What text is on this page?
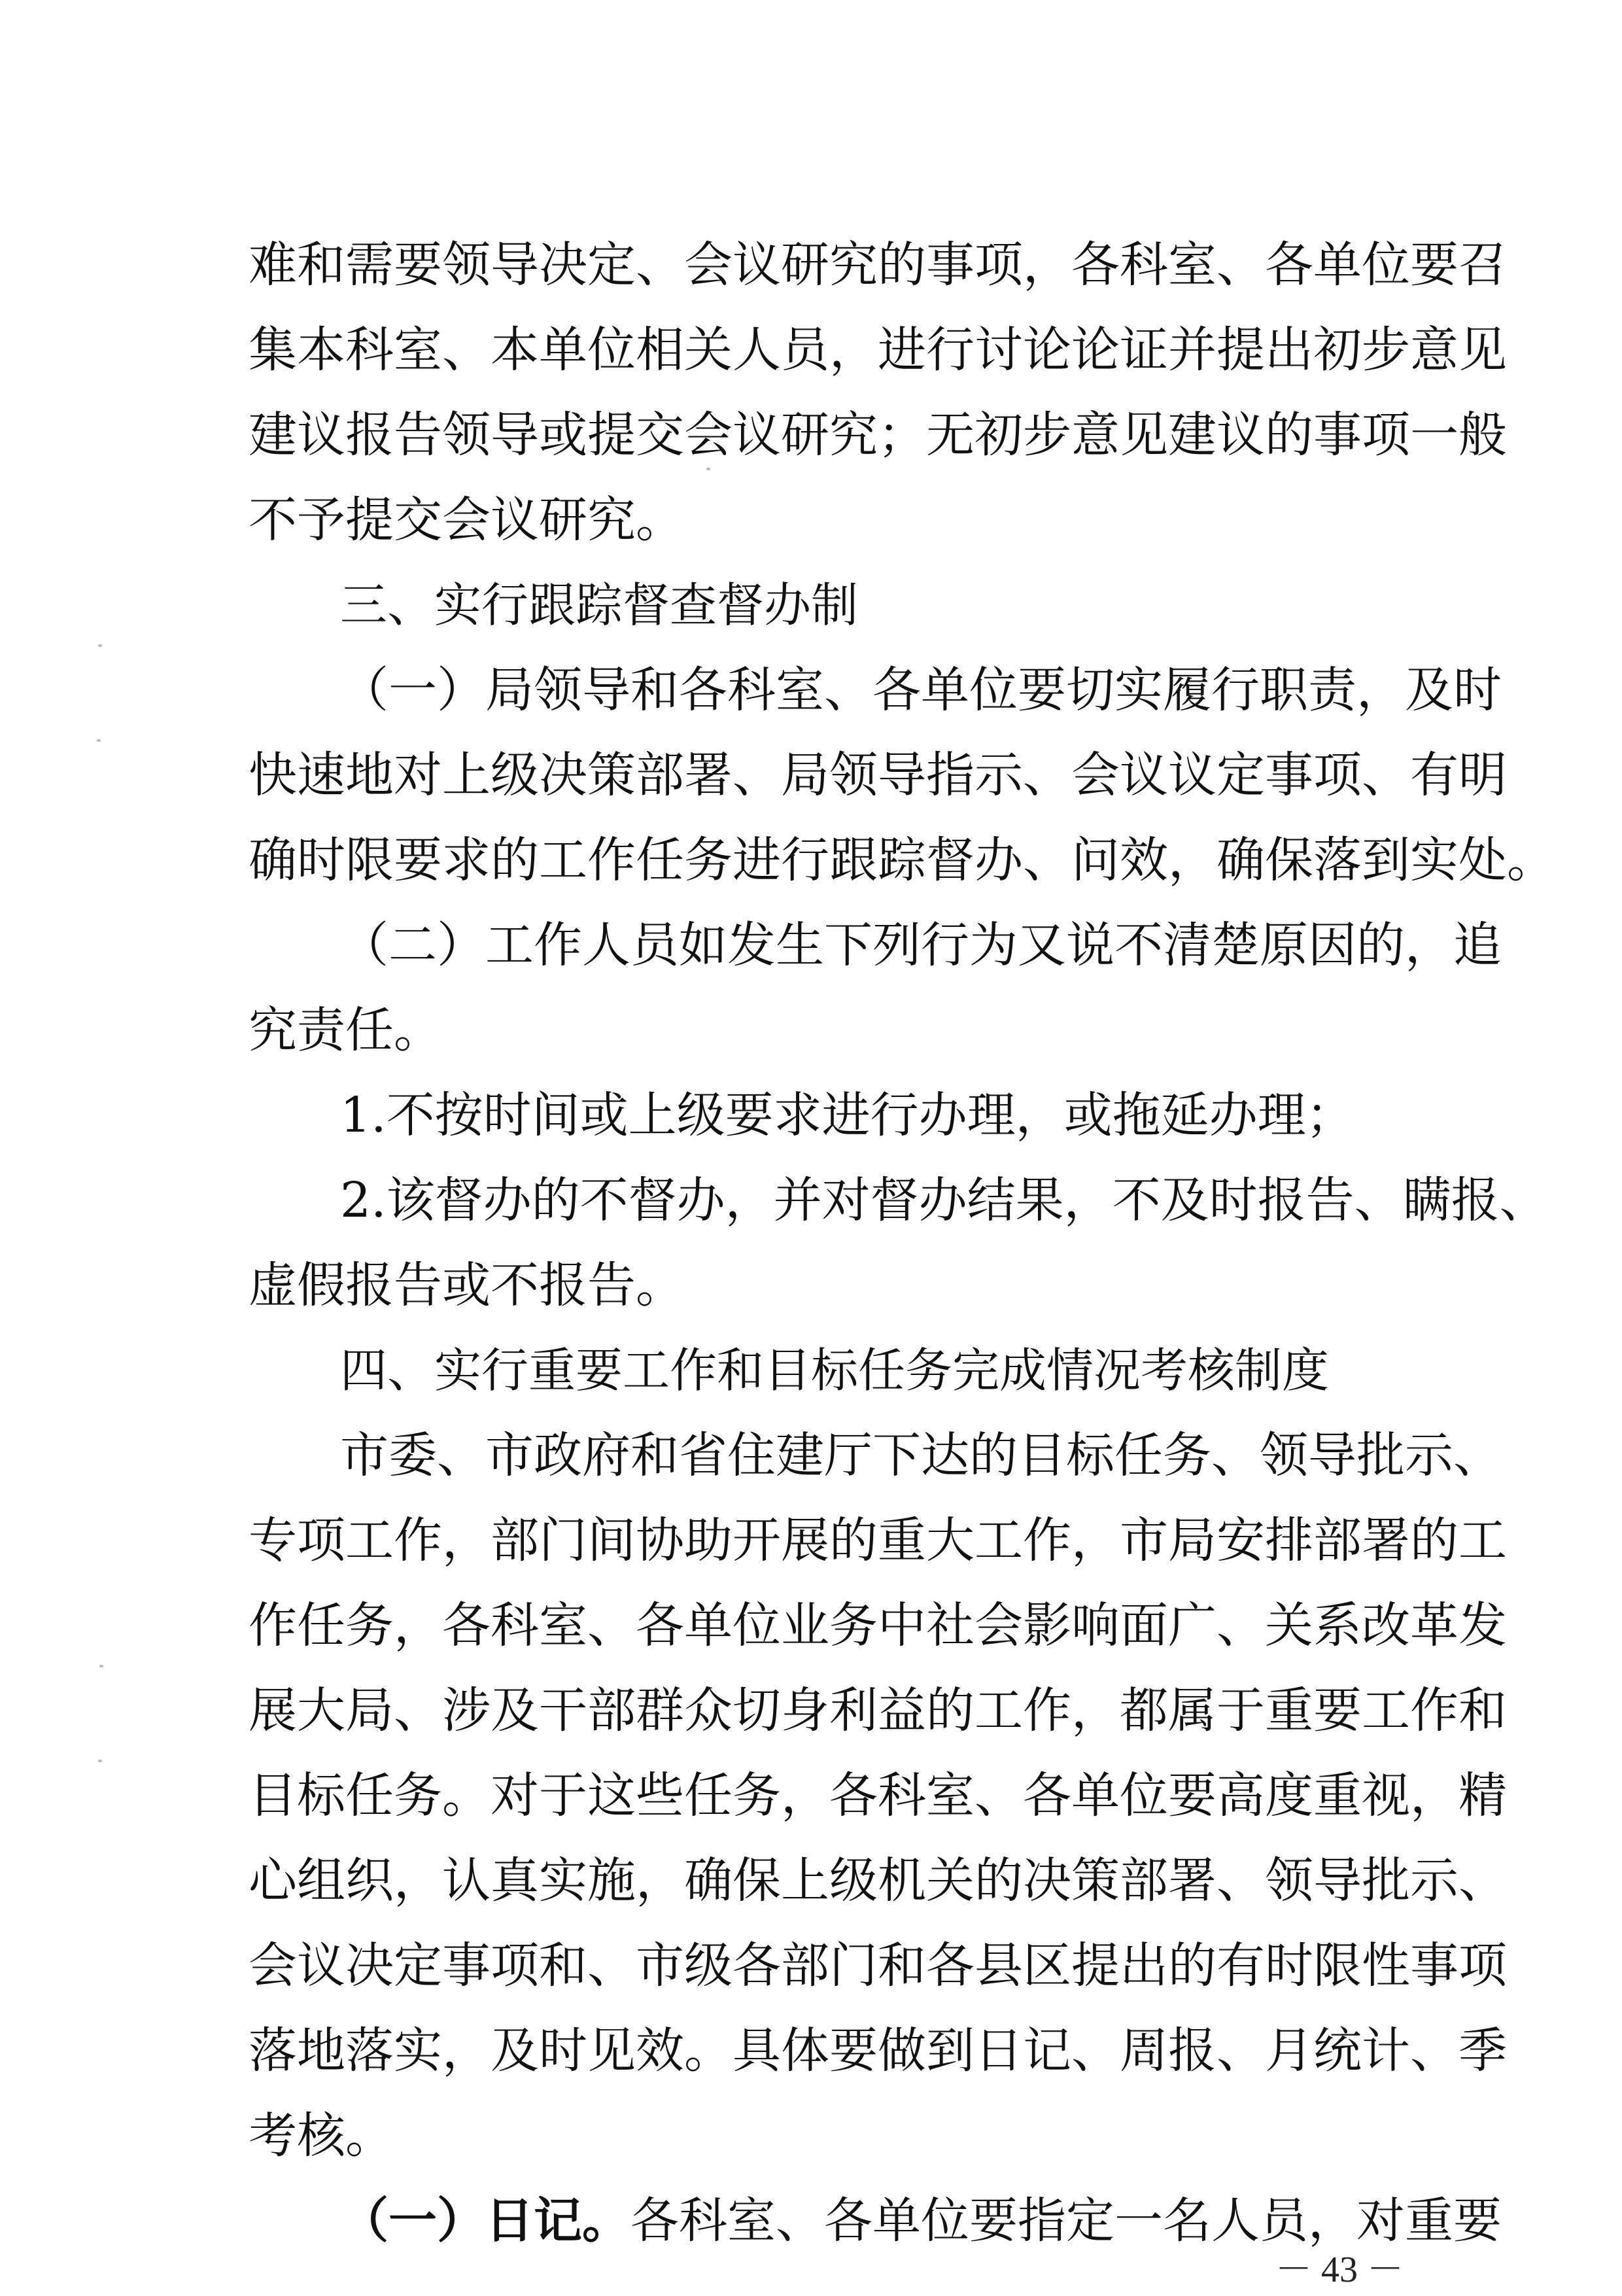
难和需要领导决定、会议研究的事项，各科室、各单位要召

集本科室、本单位相关人员，进行讨论论证并提出初步意见

建议报告领导或提交会议研究；无初步意见建议的事项一般

不予提交会议研究。

三、实行跟踪督查督办制

（一）局领导和各科室、各单位要切实履行职责，及时

快速地对上级决策部署、局领导指示、会议议定事项、有明

确时限要求的工作任务进行跟踪督办、问效，确保落到实处。

（二）工作人员如发生下列行为又说不清楚原因的，追

究责任。

1.不按时间或上级要求进行办理，或拖延办理；

2.该督办的不督办，并对督办结果，不及时报告、瞒报、

虚假报告或不报告。

四、实行重要工作和目标任务完成情况考核制度

市委、市政府和省住建厅下达的目标任务、领导批示、

专项工作，部门间协助开展的重大工作，市局安排部署的工

作任务，各科室、各单位业务中社会影响面广、关系改革发

展大局、涉及干部群众切身利益的工作，都属于重要工作和

目标任务。对于这些任务，各科室、各单位要高度重视，精

心组织，认真实施，确保上级机关的决策部署、领导批示、

会议决定事项和、市级各部门和各县区提出的有时限性事项

落地落实，及时见效。具体要做到日记、周报、月统计、季

考核。

（一）日记。各科室、各单位要指定一名人员，对重要

－ 43 －
